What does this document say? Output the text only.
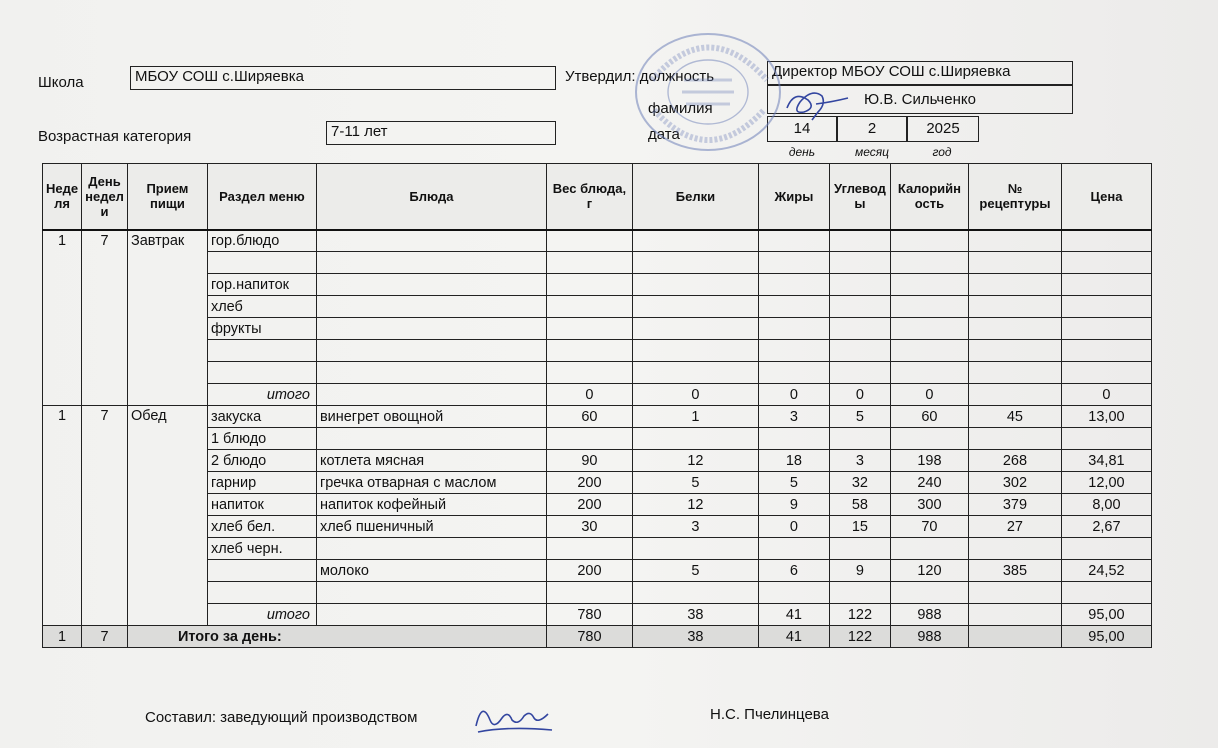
Школа	МБОУ СОШ с.Ширяевка
Возрастная категория	7-11 лет
Утвердил: должность	Директор МБОУ СОШ с.Ширяевка
фамилия
Ю.В. Сильченко
дата	14	2	2025
день	месяц	год
Неде ля	День недел и	Прием пищи	Раздел меню	Блюда	Вес блюда, г	Белки	Жиры	Углевод ы	Калорийн ость	№ рецептуры	Цена
1	7	Завтрак	гор.блюдо								

			гор.напиток								
			хлеб								
			фрукты								

			итого		0	0	0	0	0		0
1	7	Обед	закуска	винегрет овощной	60	1	3	5	60	45	13,00
			1 блюдо								
			2 блюдо	котлета мясная	90	12	18	3	198	268	34,81
			гарнир	гречка отварная с маслом	200	5	5	32	240	302	12,00
			напиток	напиток кофейный	200	12	9	58	300	379	8,00
			хлеб бел.	хлеб пшеничный	30	3	0	15	70	27	2,67
			хлеб черн.								
				молоко	200	5	6	9	120	385	24,52

			итого		780	38	41	122	988		95,00
1	7	Итого за день:			780	38	41	122	988		95,00
Составил: заведующий производством	Н.С. Пчелинцева
